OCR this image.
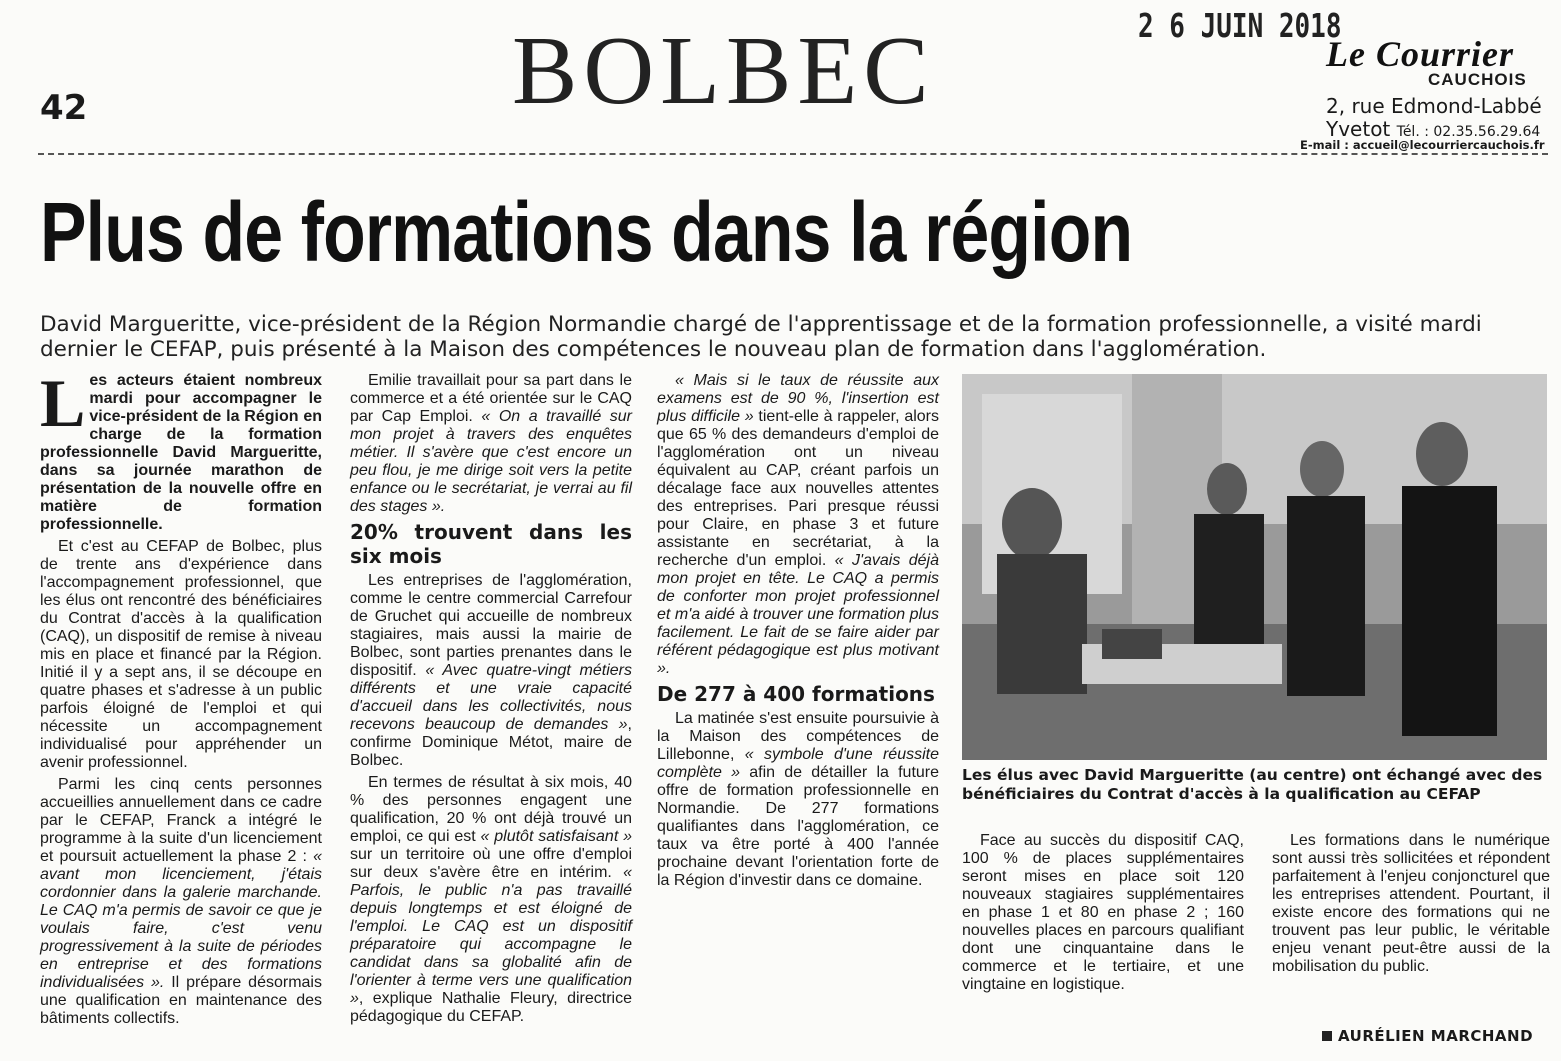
42	BOLBEC	2 6 JUIN 2018
Le Courrier
CAUCHOIS
2, rue Edmond-Labbé
Yvetot Tél. : 02.35.56.29.64
E-mail : accueil@lecourriercauchois.fr
Plus de formations dans la région
David Margueritte, vice-président de la Région Normandie chargé de l'apprentissage et de la formation professionnelle, a visité mardi dernier le CEFAP, puis présenté à la Maison des compétences le nouveau plan de formation dans l'agglomération.

Les acteurs étaient nombreux mardi pour accompagner le vice-président de la Région en charge de la formation professionnelle David Margueritte, dans sa journée marathon de présentation de la nouvelle offre en matière de formation professionnelle.

Et c'est au CEFAP de Bolbec, plus de trente ans d'expérience dans l'accompagnement professionnel, que les élus ont rencontré des bénéficiaires du Contrat d'accès à la qualification (CAQ), un dispositif de remise à niveau mis en place et financé par la Région. Initié il y a sept ans, il se découpe en quatre phases et s'adresse à un public parfois éloigné de l'emploi et qui nécessite un accompagnement individualisé pour appréhender un avenir professionnel.

Parmi les cinq cents personnes accueillies annuellement dans ce cadre par le CEFAP, Franck a intégré le programme à la suite d'un licenciement et poursuit actuellement la phase 2 : « avant mon licenciement, j'étais cordonnier dans la galerie marchande. Le CAQ m'a permis de savoir ce que je voulais faire, c'est venu progressivement à la suite de périodes en entreprise et des formations individualisées ». Il prépare désormais une qualification en maintenance des bâtiments collectifs.

Emilie travaillait pour sa part dans le commerce et a été orientée sur le CAQ par Cap Emploi. « On a travaillé sur mon projet à travers des enquêtes métier. Il s'avère que c'est encore un peu flou, je me dirige soit vers la petite enfance ou le secrétariat, je verrai au fil des stages ».

20% trouvent dans les six mois

Les entreprises de l'agglomération, comme le centre commercial Carrefour de Gruchet qui accueille de nombreux stagiaires, mais aussi la mairie de Bolbec, sont parties prenantes dans le dispositif. « Avec quatre-vingt métiers différents et une vraie capacité d'accueil dans les collectivités, nous recevons beaucoup de demandes », confirme Dominique Métot, maire de Bolbec.

En termes de résultat à six mois, 40 % des personnes engagent une qualification, 20 % ont déjà trouvé un emploi, ce qui est « plutôt satisfaisant » sur un territoire où une offre d'emploi sur deux s'avère être en intérim. « Parfois, le public n'a pas travaillé depuis longtemps et est éloigné de l'emploi. Le CAQ est un dispositif préparatoire qui accompagne le candidat dans sa globalité afin de l'orienter à terme vers une qualification », explique Nathalie Fleury, directrice pédagogique du CEFAP.

« Mais si le taux de réussite aux examens est de 90 %, l'insertion est plus difficile » tient-elle à rappeler, alors que 65 % des demandeurs d'emploi de l'agglomération ont un niveau équivalent au CAP, créant parfois un décalage face aux nouvelles attentes des entreprises. Pari presque réussi pour Claire, en phase 3 et future assistante en secrétariat, à la recherche d'un emploi. « J'avais déjà mon projet en tête. Le CAQ a permis de conforter mon projet professionnel et m'a aidé à trouver une formation plus facilement. Le fait de se faire aider par référent pédagogique est plus motivant ».

De 277 à 400 formations

La matinée s'est ensuite poursuivie à la Maison des compétences de Lillebonne, « symbole d'une réussite complète » afin de détailler la future offre de formation professionnelle en Normandie. De 277 formations qualifiantes dans l'agglomération, ce taux va être porté à 400 l'année prochaine devant l'orientation forte de la Région d'investir dans ce domaine.

Les élus avec David Margueritte (au centre) ont échangé avec des bénéficiaires du Contrat d'accès à la qualification au CEFAP

Face au succès du dispositif CAQ, 100 % de places supplémentaires seront mises en place soit 120 nouveaux stagiaires supplémentaires en phase 1 et 80 en phase 2 ; 160 nouvelles places en parcours qualifiant dont une cinquantaine dans le commerce et le tertiaire, et une vingtaine en logistique.

Les formations dans le numérique sont aussi très sollicitées et répondent parfaitement à l'enjeu conjoncturel que les entreprises attendent. Pourtant, il existe encore des formations qui ne trouvent pas leur public, le véritable enjeu venant peut-être aussi de la mobilisation du public.

AURÉLIEN MARCHAND
